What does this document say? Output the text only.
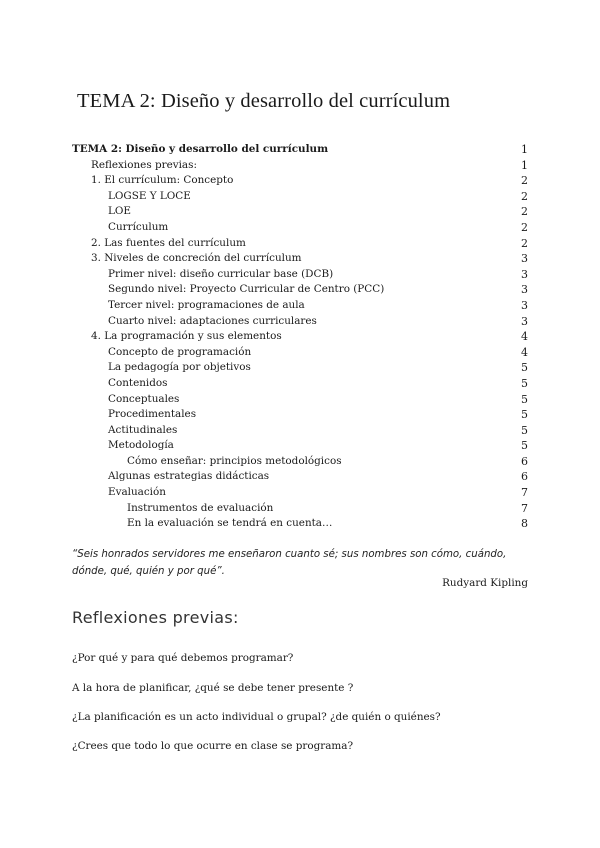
TEMA 2: Diseño y desarrollo del currículum
TEMA 2: Diseño y desarrollo del currículum	1
Reflexiones previas:	1
1. El currículum: Concepto	2
LOGSE Y LOCE	2
LOE	2
Currículum	2
2. Las fuentes del currículum	2
3. Niveles de concreción del currículum	3
Primer nivel: diseño curricular base (DCB)	3
Segundo nivel: Proyecto Curricular de Centro (PCC)	3
Tercer nivel: programaciones de aula	3
Cuarto nivel: adaptaciones curriculares	3
4. La programación y sus elementos	4
Concepto de programación	4
La pedagogía por objetivos	5
Contenidos	5
Conceptuales	5
Procedimentales	5
Actitudinales	5
Metodología	5
Cómo enseñar: principios metodológicos	6
Algunas estrategias didácticas	6
Evaluación	7
Instrumentos de evaluación	7
En la evaluación se tendrá en cuenta…	8
“Seis honrados servidores me enseñaron cuanto sé; sus nombres son cómo, cuándo, dónde, qué, quién y por qué”.
Rudyard Kipling
Reflexiones previas:
¿Por qué y para qué debemos programar?
A la hora de planificar, ¿qué se debe tener presente ?
¿La planificación es un acto individual o grupal? ¿de quién o quiénes?
¿Crees que todo lo que ocurre en clase se programa?
